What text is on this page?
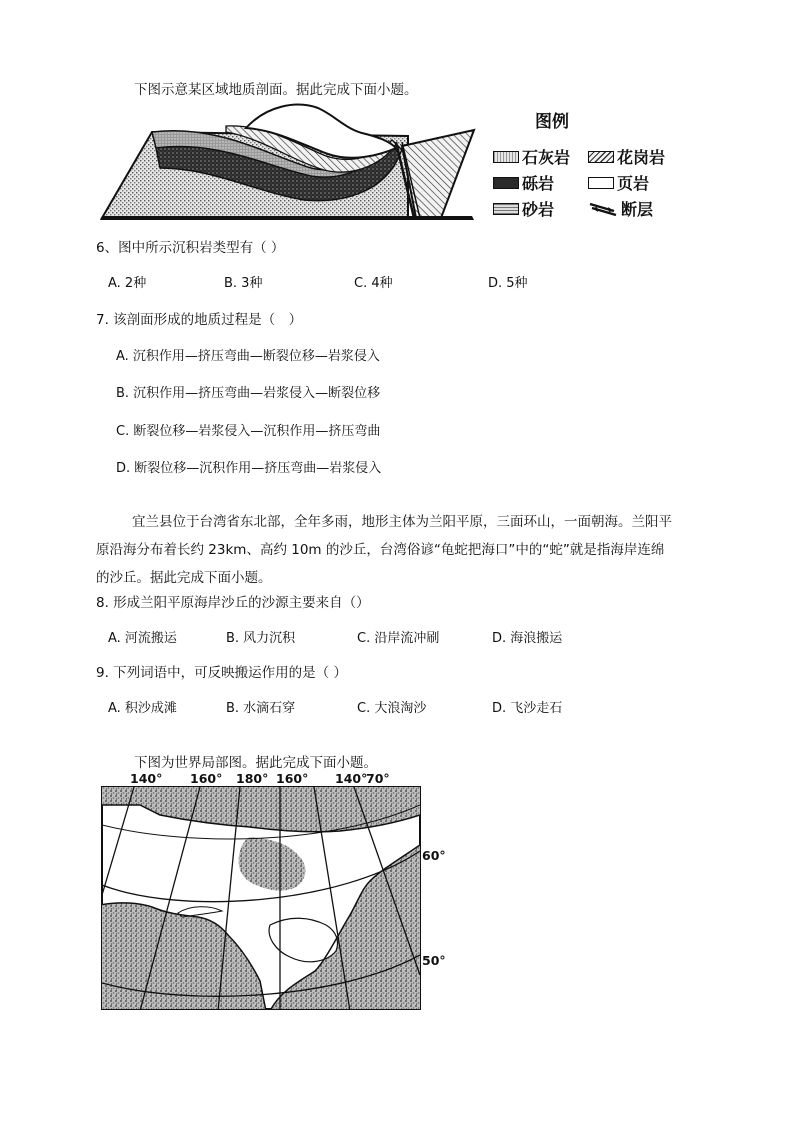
下图示意某区域地质剖面。据此完成下面小题。
图例
石灰岩	花岗岩
砾岩	页岩
砂岩	断层
6、图中所示沉积岩类型有（ ）
A. 2种	B. 3种	C. 4种	D. 5种
7. 该剖面形成的地质过程是（　）
A. 沉积作用—挤压弯曲—断裂位移—岩浆侵入
B. 沉积作用—挤压弯曲—岩浆侵入—断裂位移
C. 断裂位移—岩浆侵入—沉积作用—挤压弯曲
D. 断裂位移—沉积作用—挤压弯曲—岩浆侵入
宜兰县位于台湾省东北部，全年多雨，地形主体为兰阳平原，三面环山，一面朝海。兰阳平
原沿海分布着长约 23km、高约 10m 的沙丘，台湾俗谚“龟蛇把海口”中的“蛇”就是指海岸连绵
的沙丘。据此完成下面小题。
8. 形成兰阳平原海岸沙丘的沙源主要来自（）
A. 河流搬运	B. 风力沉积	C. 沿岸流冲刷	D. 海浪搬运
9. 下列词语中，可反映搬运作用的是（ ）
A. 积沙成滩	B. 水滴石穿	C. 大浪淘沙	D. 飞沙走石
下图为世界局部图。据此完成下面小题。
140° 160° 180° 160° 140°
70°
60°
50°
